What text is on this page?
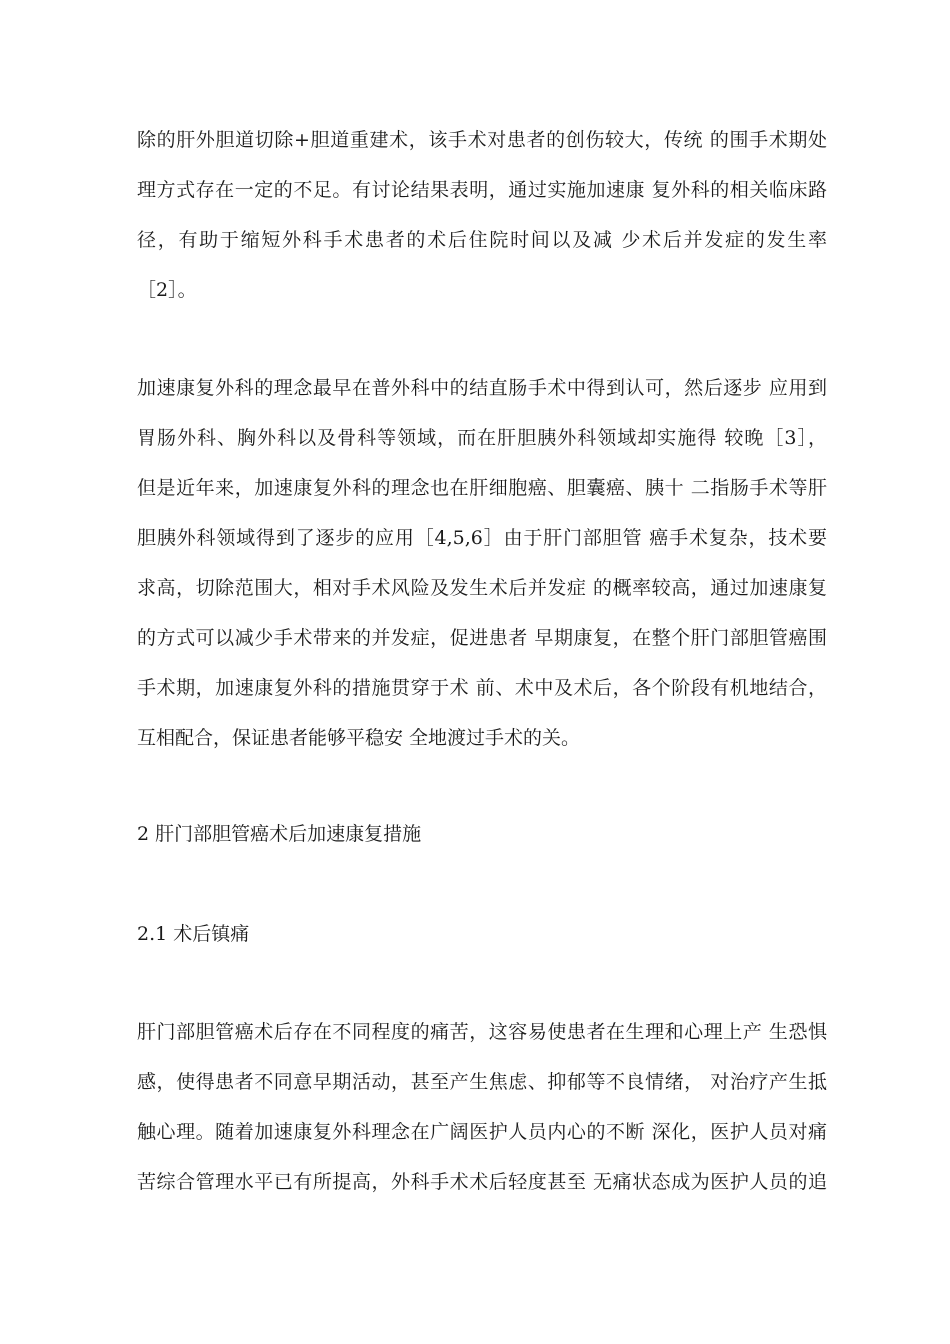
除的肝外胆道切除+胆道重建术，该手术对患者的创伤较大，传统 的围手术期处
理方式存在一定的不足。有讨论结果表明，通过实施加速康 复外科的相关临床路
径，有助于缩短外科手术患者的术后住院时间以及减 少术后并发症的发生率
［2］。
加速康复外科的理念最早在普外科中的结直肠手术中得到认可，然后逐步 应用到
胃肠外科、胸外科以及骨科等领域，而在肝胆胰外科领域却实施得 较晚［3］，
但是近年来，加速康复外科的理念也在肝细胞癌、胆囊癌、胰十 二指肠手术等肝
胆胰外科领域得到了逐步的应用［4,5,6］由于肝门部胆管 癌手术复杂，技术要
求高，切除范围大，相对手术风险及发生术后并发症 的概率较高，通过加速康复
的方式可以减少手术带来的并发症，促进患者 早期康复，在整个肝门部胆管癌围
手术期，加速康复外科的措施贯穿于术 前、术中及术后，各个阶段有机地结合，
互相配合，保证患者能够平稳安 全地渡过手术的关。
2 肝门部胆管癌术后加速康复措施
2.1 术后镇痛
肝门部胆管癌术后存在不同程度的痛苦，这容易使患者在生理和心理上产 生恐惧
感，使得患者不同意早期活动，甚至产生焦虑、抑郁等不良情绪， 对治疗产生抵
触心理。随着加速康复外科理念在广阔医护人员内心的不断 深化，医护人员对痛
苦综合管理水平已有所提高，外科手术术后轻度甚至 无痛状态成为医护人员的追
